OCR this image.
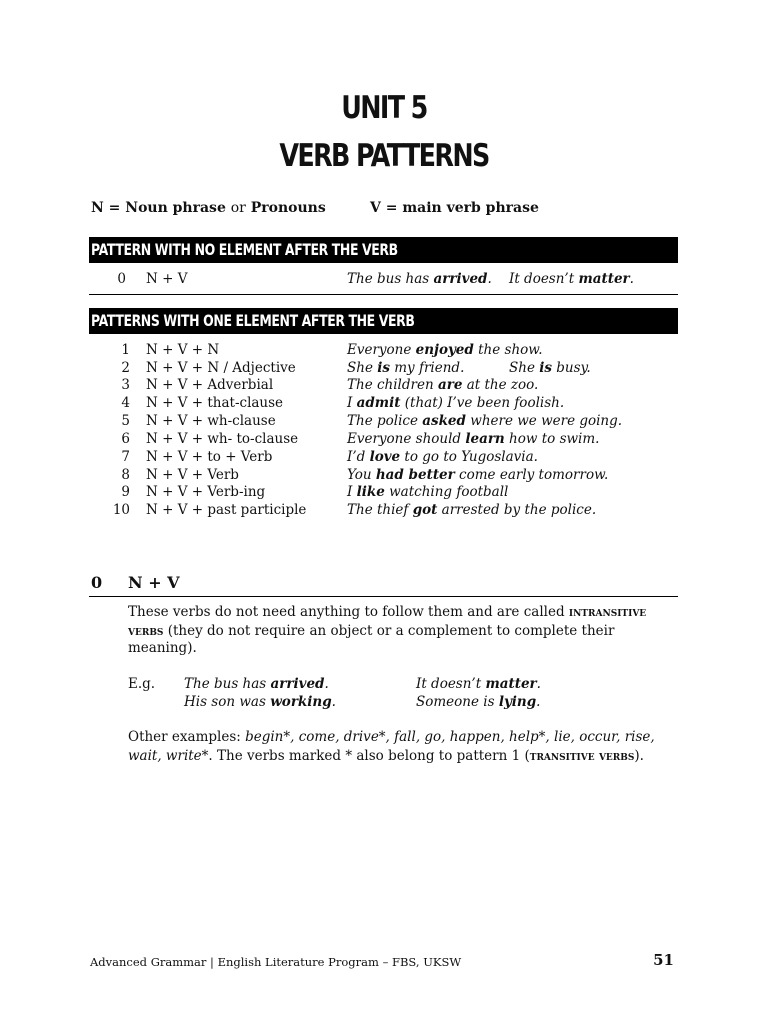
UNIT 5
VERB PATTERNS
N = Noun phrase or Pronouns	V = main verb phrase
PATTERN WITH NO ELEMENT AFTER THE VERB
0 N + V	The bus has arrived. It doesn’t matter.
PATTERNS WITH ONE ELEMENT AFTER THE VERB
1 N + V + N	Everyone enjoyed the show.
2 N + V + N / Adjective	She is my friend.	She is busy.
3 N + V + Adverbial	The children are at the zoo.
4 N + V + that-clause	I admit (that) I’ve been foolish.
5 N + V + wh-clause	The police asked where we were going.
6 N + V + wh- to-clause	Everyone should learn how to swim.
7 N + V + to + Verb	I’d love to go to Yugoslavia.
8 N + V + Verb	You had better come early tomorrow.
9 N + V + Verb-ing	I like watching football
10 N + V + past participle	The thief got arrested by the police.
0 N + V
These verbs do not need anything to follow them and are called intransitive verbs (they do not require an object or a complement to complete their meaning).
E.g. The bus has arrived.	It doesn’t matter.
His son was working.	Someone is lying.
Other examples: begin*, come, drive*, fall, go, happen, help*, lie, occur, rise, wait, write*. The verbs marked * also belong to pattern 1 (transitive verbs).
Advanced Grammar | English Literature Program – FBS, UKSW	51
